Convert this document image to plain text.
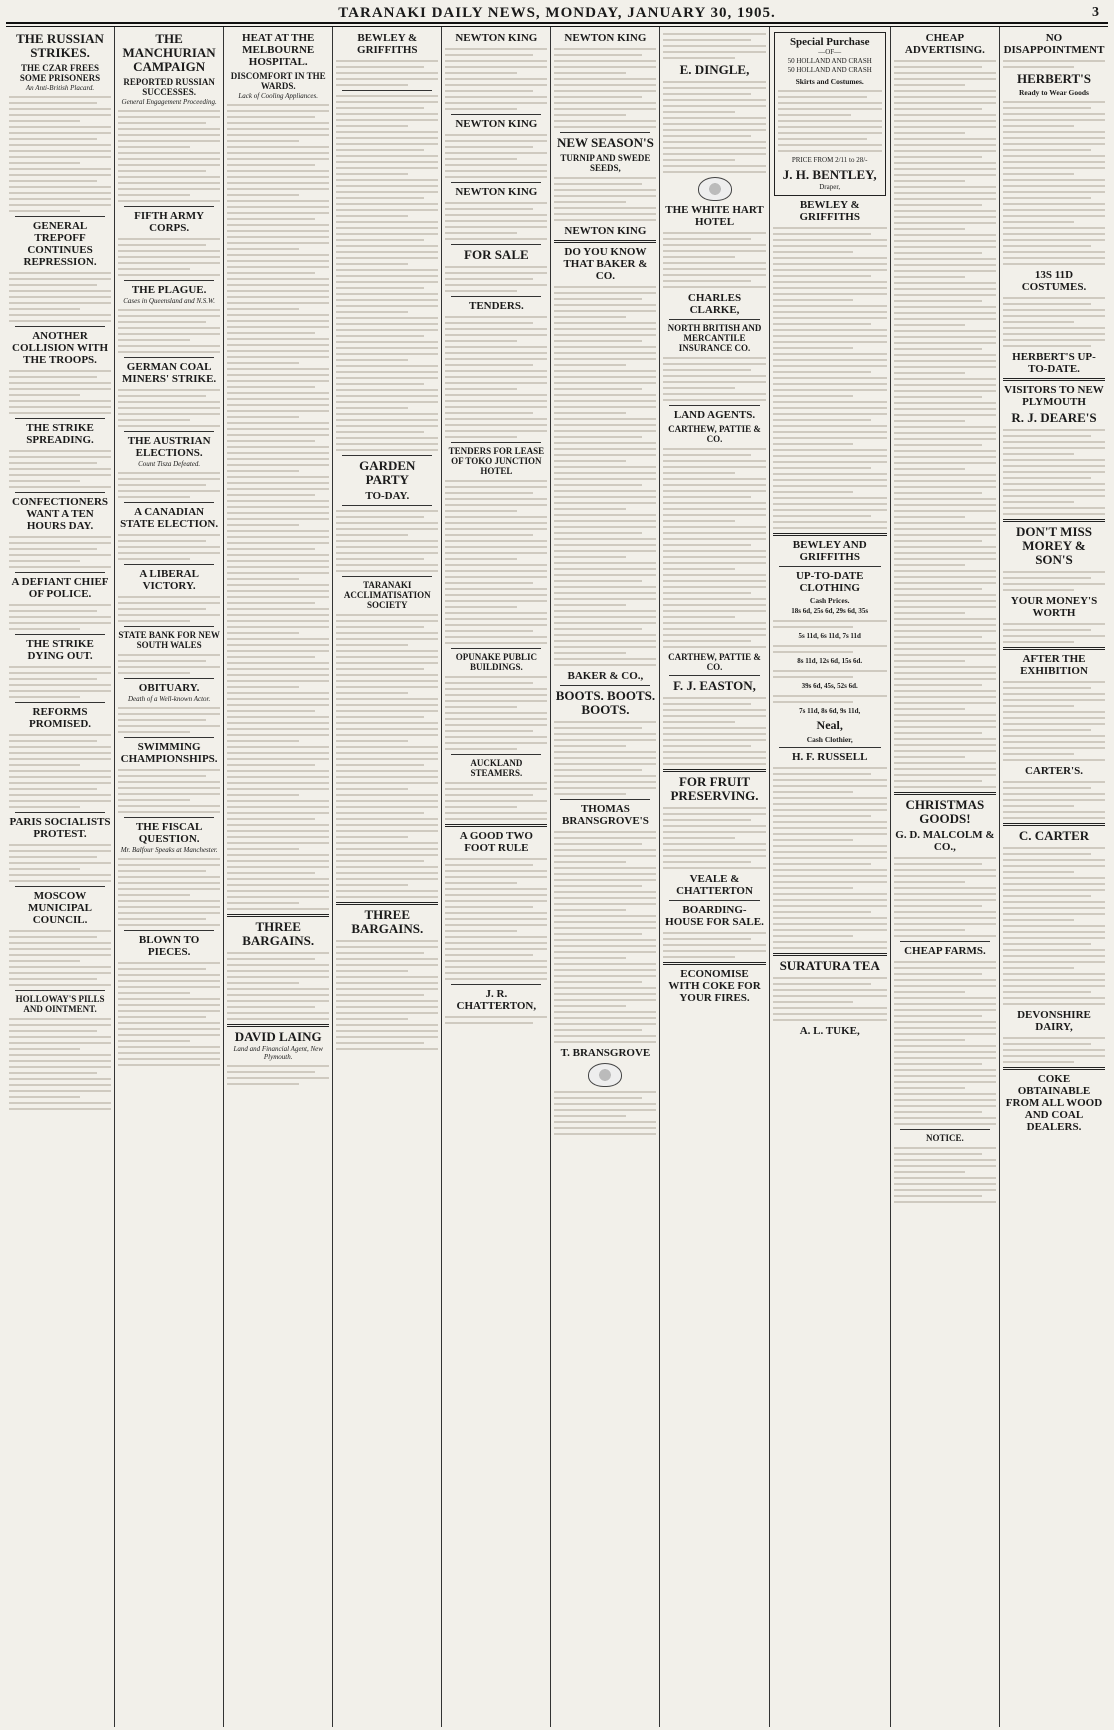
TARANAKI DAILY NEWS, MONDAY, JANUARY 30, 1905.	3
THE RUSSIAN STRIKES.
THE CZAR FREES SOME PRISONERS
An Anti-British Placard.
GENERAL TREPOFF CONTINUES REPRESSION.
ANOTHER COLLISION WITH THE TROOPS.
THE STRIKE SPREADING.
CONFECTIONERS WANT A TEN HOURS DAY.
A DEFIANT CHIEF OF POLICE.
THE STRIKE DYING OUT.
REFORMS PROMISED.
PARIS SOCIALISTS PROTEST.
MOSCOW MUNICIPAL COUNCIL.
HOLLOWAY'S PILLS AND OINTMENT.
THE MANCHURIAN CAMPAIGN
REPORTED RUSSIAN SUCCESSES.
General Engagement Proceeding.
FIFTH ARMY CORPS.
THE PLAGUE.
Cases in Queensland and N.S.W.
GERMAN COAL MINERS' STRIKE.
THE AUSTRIAN ELECTIONS.
Count Tisza Defeated.
A CANADIAN STATE ELECTION.
A LIBERAL VICTORY.
STATE BANK FOR NEW SOUTH WALES
OBITUARY.
Death of a Well-known Actor.
SWIMMING CHAMPIONSHIPS.
THE FISCAL QUESTION.
Mr. Balfour Speaks at Manchester.
BLOWN TO PIECES.
HEAT AT THE MELBOURNE HOSPITAL.
DISCOMFORT IN THE WARDS.
Lack of Cooling Appliances.
THREE BARGAINS.
DAVID LAING
Land and Financial Agent, New Plymouth.
BEWLEY & GRIFFITHS
GARDEN PARTY
TO-DAY.
TARANAKI ACCLIMATISATION SOCIETY
THREE BARGAINS.
NEWTON KING
NEWTON KING
NEWTON KING
FOR SALE
TENDERS.
TENDERS FOR LEASE OF TOKO JUNCTION HOTEL
OPUNAKE PUBLIC BUILDINGS.
AUCKLAND STEAMERS.
A GOOD TWO FOOT RULE
J. R. CHATTERTON,
NEWTON KING
NEW SEASON'S
TURNIP AND SWEDE SEEDS,
NEWTON KING
DO YOU KNOW THAT BAKER & CO.
BAKER & CO.,
BOOTS. BOOTS. BOOTS.
THOMAS BRANSGROVE'S
T. BRANSGROVE
E. DINGLE,
THE WHITE HART HOTEL
CHARLES CLARKE,
NORTH BRITISH AND MERCANTILE INSURANCE CO.
LAND AGENTS.
CARTHEW, PATTIE & CO.
CARTHEW, PATTIE & CO.
F. J. EASTON,
FOR FRUIT PRESERVING.
VEALE & CHATTERTON
BOARDING-HOUSE FOR SALE.
ECONOMISE WITH COKE FOR YOUR FIRES.
Special Purchase
—OF—
50 HOLLAND AND CRASH
50 HOLLAND AND CRASH
Skirts and Costumes.
PRICE FROM 2/11 to 28/-
J. H. BENTLEY,
Draper,
BEWLEY & GRIFFITHS
BEWLEY AND GRIFFITHS
UP-TO-DATE CLOTHING
Cash Prices.
18s 6d, 25s 6d, 29s 6d, 35s
5s 11d, 6s 11d, 7s 11d
8s 11d, 12s 6d, 15s 6d.
39s 6d, 45s, 52s 6d.
7s 11d, 8s 6d, 9s 11d,
Neal,
Cash Clothier,
H. F. RUSSELL
SURATURA TEA
A. L. TUKE,
CHEAP ADVERTISING.
CHRISTMAS GOODS!
G. D. MALCOLM & CO.,
CHEAP FARMS.
NOTICE.
NO DISAPPOINTMENT
HERBERT'S
Ready to Wear Goods
13S 11D COSTUMES.
HERBERT'S UP-TO-DATE.
VISITORS TO NEW PLYMOUTH
R. J. DEARE'S
DON'T MISS MOREY & SON'S
YOUR MONEY'S WORTH
AFTER THE EXHIBITION
CARTER'S.
C. CARTER
DEVONSHIRE DAIRY,
COKE OBTAINABLE FROM ALL WOOD AND COAL DEALERS.
